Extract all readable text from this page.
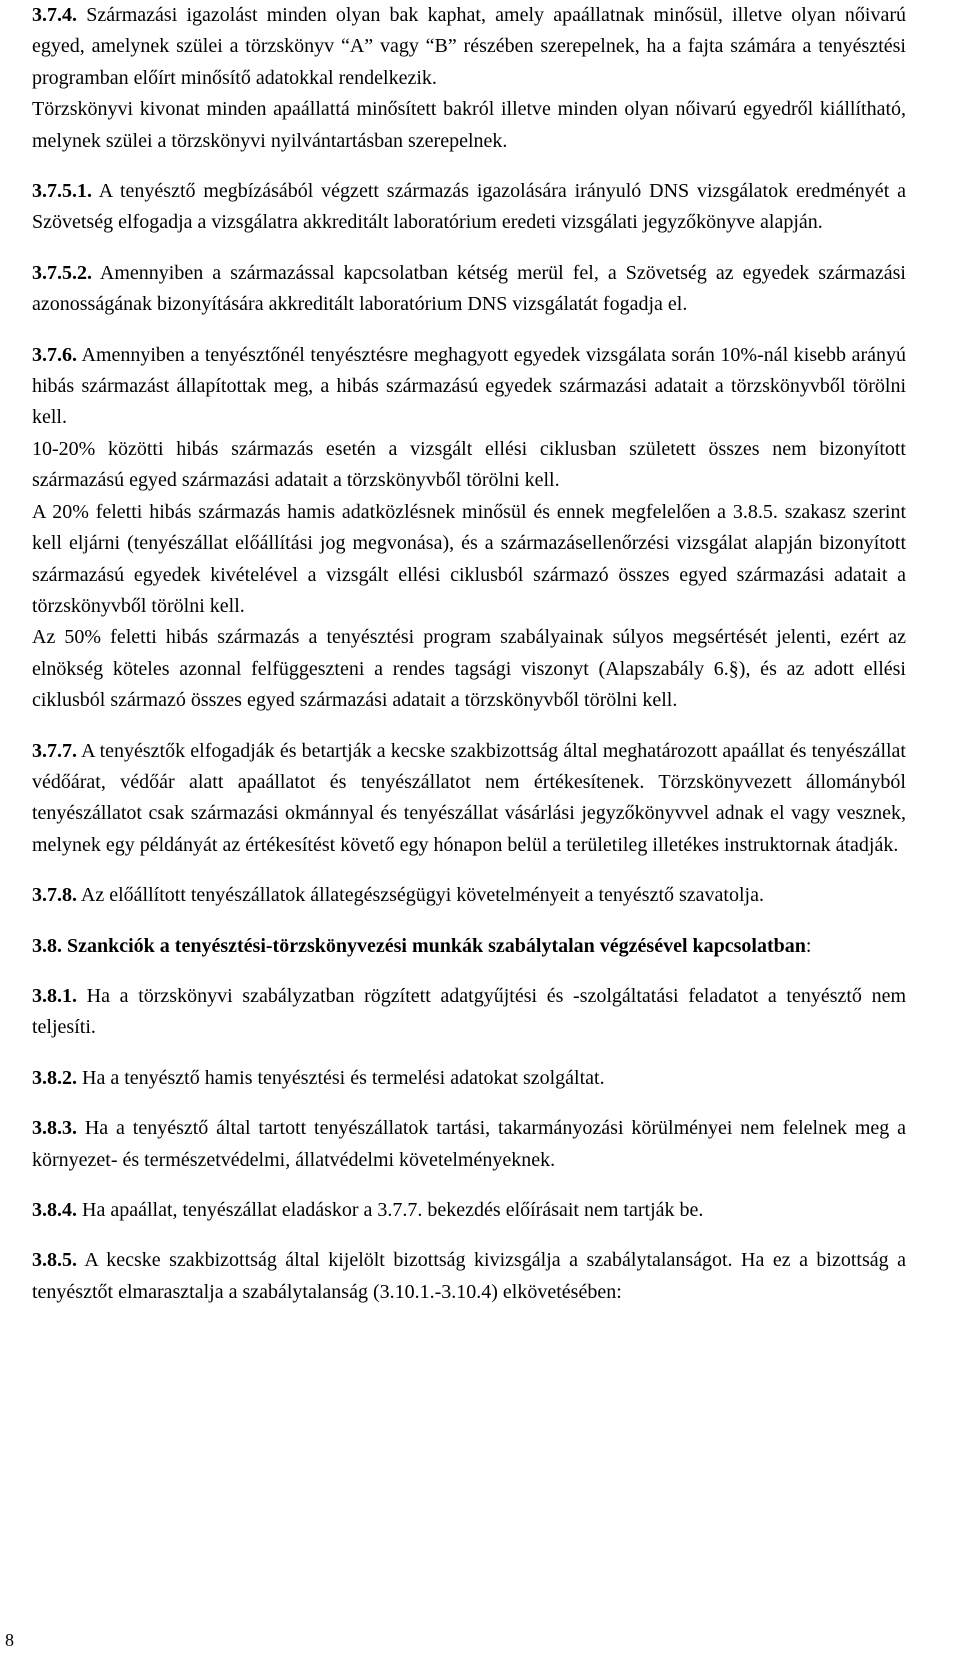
3.7.4. Származási igazolást minden olyan bak kaphat, amely apaállatnak minősül, illetve olyan nőivarú egyed, amelynek szülei a törzskönyv “A” vagy “B” részében szerepelnek, ha a fajta számára a tenyésztési programban előírt minősítő adatokkal rendelkezik.

Törzskönyvi kivonat minden apaállattá minősített bakról illetve minden olyan nőivarú egyedről kiállítható, melynek szülei a törzskönyvi nyilvántartásban szerepelnek.

3.7.5.1. A tenyésztő megbízásából végzett származás igazolására irányuló DNS vizsgálatok eredményét a Szövetség elfogadja a vizsgálatra akkreditált laboratórium eredeti vizsgálati jegyzőkönyve alapján.

3.7.5.2. Amennyiben a származással kapcsolatban kétség merül fel, a Szövetség az egyedek származási azonosságának bizonyítására akkreditált laboratórium DNS vizsgálatát fogadja el.

3.7.6. Amennyiben a tenyésztőnél tenyésztésre meghagyott egyedek vizsgálata során 10%-nál kisebb arányú hibás származást állapítottak meg, a hibás származású egyedek származási adatait a törzskönyvből törölni kell.

10-20% közötti hibás származás esetén a vizsgált ellési ciklusban született összes nem bizonyított származású egyed származási adatait a törzskönyvből törölni kell.

A 20% feletti hibás származás hamis adatközlésnek minősül és ennek megfelelően a 3.8.5. szakasz szerint kell eljárni (tenyészállat előállítási jog megvonása), és a származásellenőrzési vizsgálat alapján bizonyított származású egyedek kivételével a vizsgált ellési ciklusból származó összes egyed származási adatait a törzskönyvből törölni kell.

Az 50% feletti hibás származás a tenyésztési program szabályainak súlyos megsértését jelenti, ezért az elnökség köteles azonnal felfüggeszteni a rendes tagsági viszonyt (Alapszabály 6.§), és az adott ellési ciklusból származó összes egyed származási adatait a törzskönyvből törölni kell.

3.7.7. A tenyésztők elfogadják és betartják a kecske szakbizottság által meghatározott apaállat és tenyészállat védőárat, védőár alatt apaállatot és tenyészállatot nem értékesítenek. Törzskönyvezett állományból tenyészállatot csak származási okmánnyal és tenyészállat vásárlási jegyzőkönyvvel adnak el vagy vesznek, melynek egy példányát az értékesítést követő egy hónapon belül a területileg illetékes instruktornak átadják.

3.7.8. Az előállított tenyészállatok állategészségügyi követelményeit a tenyésztő szavatolja.

3.8. Szankciók a tenyésztési-törzskönyvezési munkák szabálytalan végzésével kapcsolatban:

3.8.1. Ha a törzskönyvi szabályzatban rögzített adatgyűjtési és -szolgáltatási feladatot a tenyésztő nem teljesíti.

3.8.2. Ha a tenyésztő hamis tenyésztési és termelési adatokat szolgáltat.

3.8.3. Ha a tenyésztő által tartott tenyészállatok tartási, takarmányozási körülményei nem felelnek meg a környezet- és természetvédelmi, állatvédelmi követelményeknek.

3.8.4. Ha apaállat, tenyészállat eladáskor a 3.7.7. bekezdés előírásait nem tartják be.

3.8.5. A kecske szakbizottság által kijelölt bizottság kivizsgálja a szabálytalanságot. Ha ez a bizottság a tenyésztőt elmarasztalja a szabálytalanság (3.10.1.-3.10.4) elkövetésében:

8
